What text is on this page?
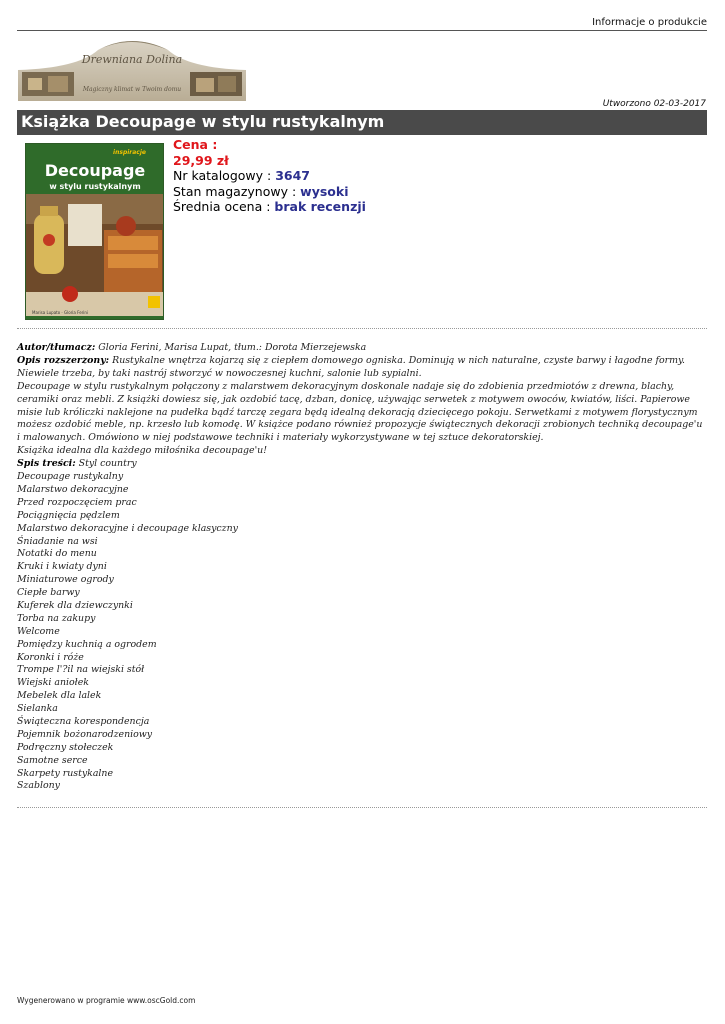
Informacje o produkcie
Drewniana Dolina
Magiczny klimat w Twoim domu
Utworzono 02-03-2017
Książka Decoupage w stylu rustykalnym
inspiracje
Decoupage
w stylu rustykalnym
Marisa Lupato · Gloria Ferini
Cena :
29,99 zł
Nr katalogowy : 3647
Stan magazynowy : wysoki
Średnia ocena : brak recenzji
Autor/tłumacz: Gloria Ferini, Marisa Lupat, tłum.: Dorota Mierzejewska
Opis rozszerzony: Rustykalne wnętrza kojarzą się z ciepłem domowego ogniska. Dominują w nich naturalne, czyste barwy i łagodne formy. Niewiele trzeba, by taki nastrój stworzyć w nowoczesnej kuchni, salonie lub sypialni.
Decoupage w stylu rustykalnym połączony z malarstwem dekoracyjnym doskonale nadaje się do zdobienia przedmiotów z drewna, blachy, ceramiki oraz mebli. Z książki dowiesz się, jak ozdobić tacę, dzban, donicę, używając serwetek z motywem owoców, kwiatów, liści. Papierowe misie lub króliczki naklejone na pudełka bądź tarczę zegara będą idealną dekoracją dziecięcego pokoju. Serwetkami z motywem florystycznym możesz ozdobić meble, np. krzesło lub komodę. W książce podano również propozycje świątecznych dekoracji zrobionych techniką decoupage'u i malowanych. Omówiono w niej podstawowe techniki i materiały wykorzystywane w tej sztuce dekoratorskiej.
Książka idealna dla każdego miłośnika decoupage'u!
Spis treści: Styl country
Decoupage rustykalny
Malarstwo dekoracyjne
Przed rozpoczęciem prac
Pociągnięcia pędzlem
Malarstwo dekoracyjne i decoupage klasyczny
Śniadanie na wsi
Notatki do menu
Kruki i kwiaty dyni
Miniaturowe ogrody
Ciepłe barwy
Kuferek dla dziewczynki
Torba na zakupy
Welcome
Pomiędzy kuchnią a ogrodem
Koronki i róże
Trompe l'?il na wiejski stół
Wiejski aniołek
Mebelek dla lalek
Sielanka
Świąteczna korespondencja
Pojemnik bożonarodzeniowy
Podręczny stołeczek
Samotne serce
Skarpety rustykalne
Szablony
Wygenerowano w programie www.oscGold.com
